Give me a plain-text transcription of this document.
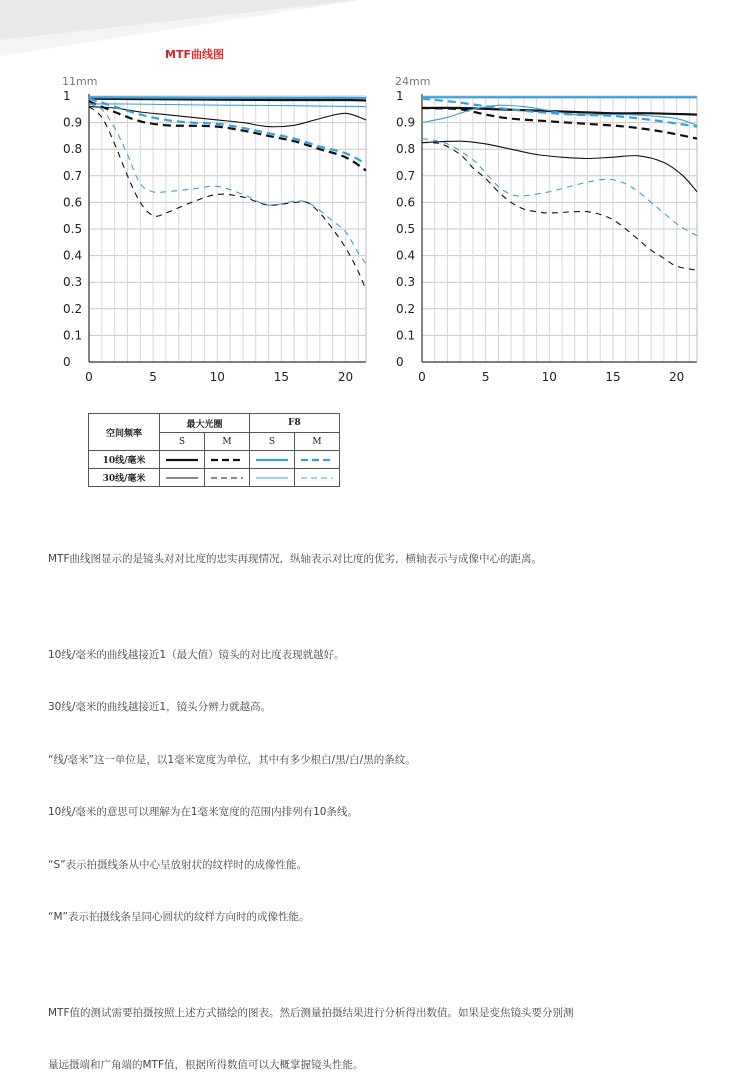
MTF曲线图
11mm
0
0.1
0.2
0.3
0.4
0.5
0.6
0.7
0.8
0.9
1
0	5	10	15	20
24mm
0
0.1
0.2
0.3
0.4
0.5
0.6
0.7
0.8
0.9
1
0	5	10	15	20
空间频率	最大光圈		F8	
	S	M	S	M
10线/毫米	

30线/毫米	

MTF曲线图显示的是镜头对对比度的忠实再现情况，纵轴表示对比度的优劣，横轴表示与成像中心的距离。

10线/毫米的曲线越接近1（最大值）镜头的对比度表现就越好。

30线/毫米的曲线越接近1，镜头分辨力就越高。

“线/毫米”这一单位是，以1毫米宽度为单位，其中有多少根白/黑/白/黑的条纹。

10线/毫米的意思可以理解为在1毫米宽度的范围内排列有10条线。

“S”表示拍摄线条从中心呈放射状的纹样时的成像性能。

“M”表示拍摄线条呈同心圆状的纹样方向时的成像性能。

MTF值的测试需要拍摄按照上述方式描绘的图表。然后测量拍摄结果进行分析得出数值。如果是变焦镜头要分别测

量远摄端和广角端的MTF值，根据所得数值可以大概掌握镜头性能。
